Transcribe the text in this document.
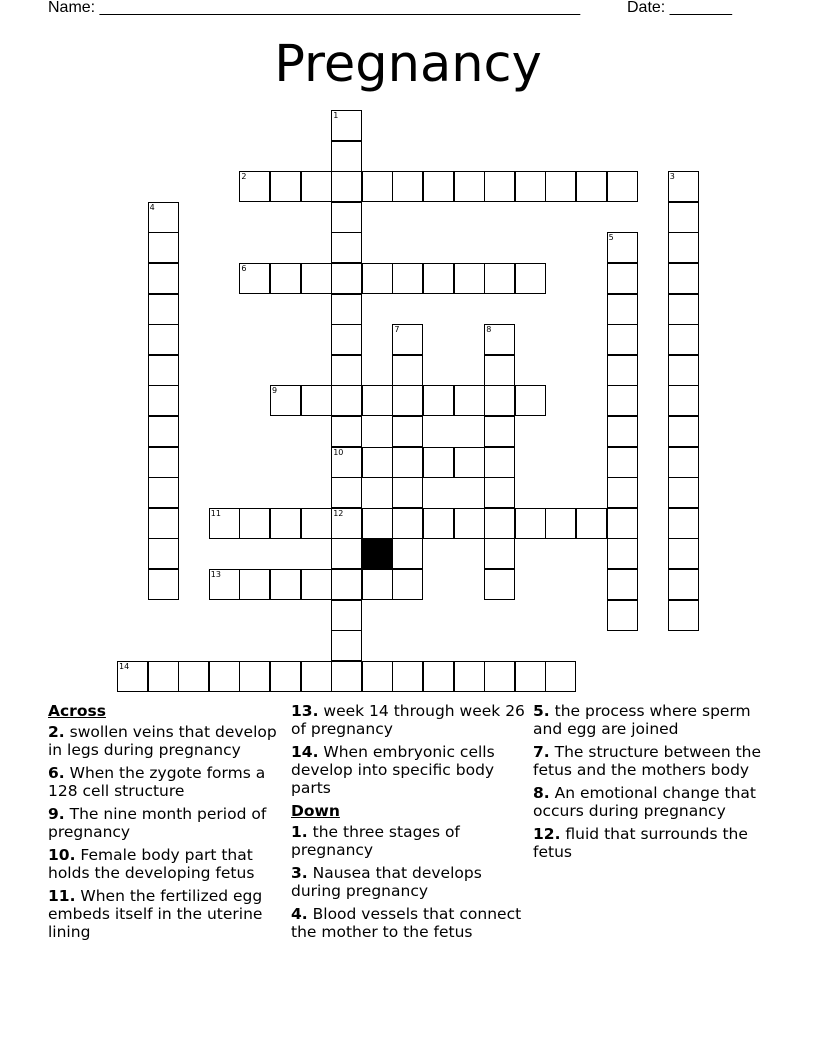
Name: ______________________________________________________	Date: _______
Pregnancy
1
10
12
2	3
4
5
6
7	8
9
11
13
14
Across
2. swollen veins that develop in legs during pregnancy
6. When the zygote forms a 128 cell structure
9. The nine month period of pregnancy
10. Female body part that holds the developing fetus
11. When the fertilized egg embeds itself in the uterine lining
13. week 14 through week 26 of pregnancy
14. When embryonic cells develop into specific body parts
Down
1. the three stages of pregnancy
3. Nausea that develops during pregnancy
4. Blood vessels that connect the mother to the fetus
5. the process where sperm and egg are joined
7. The structure between the fetus and the mothers body
8. An emotional change that occurs during pregnancy
12. fluid that surrounds the fetus
